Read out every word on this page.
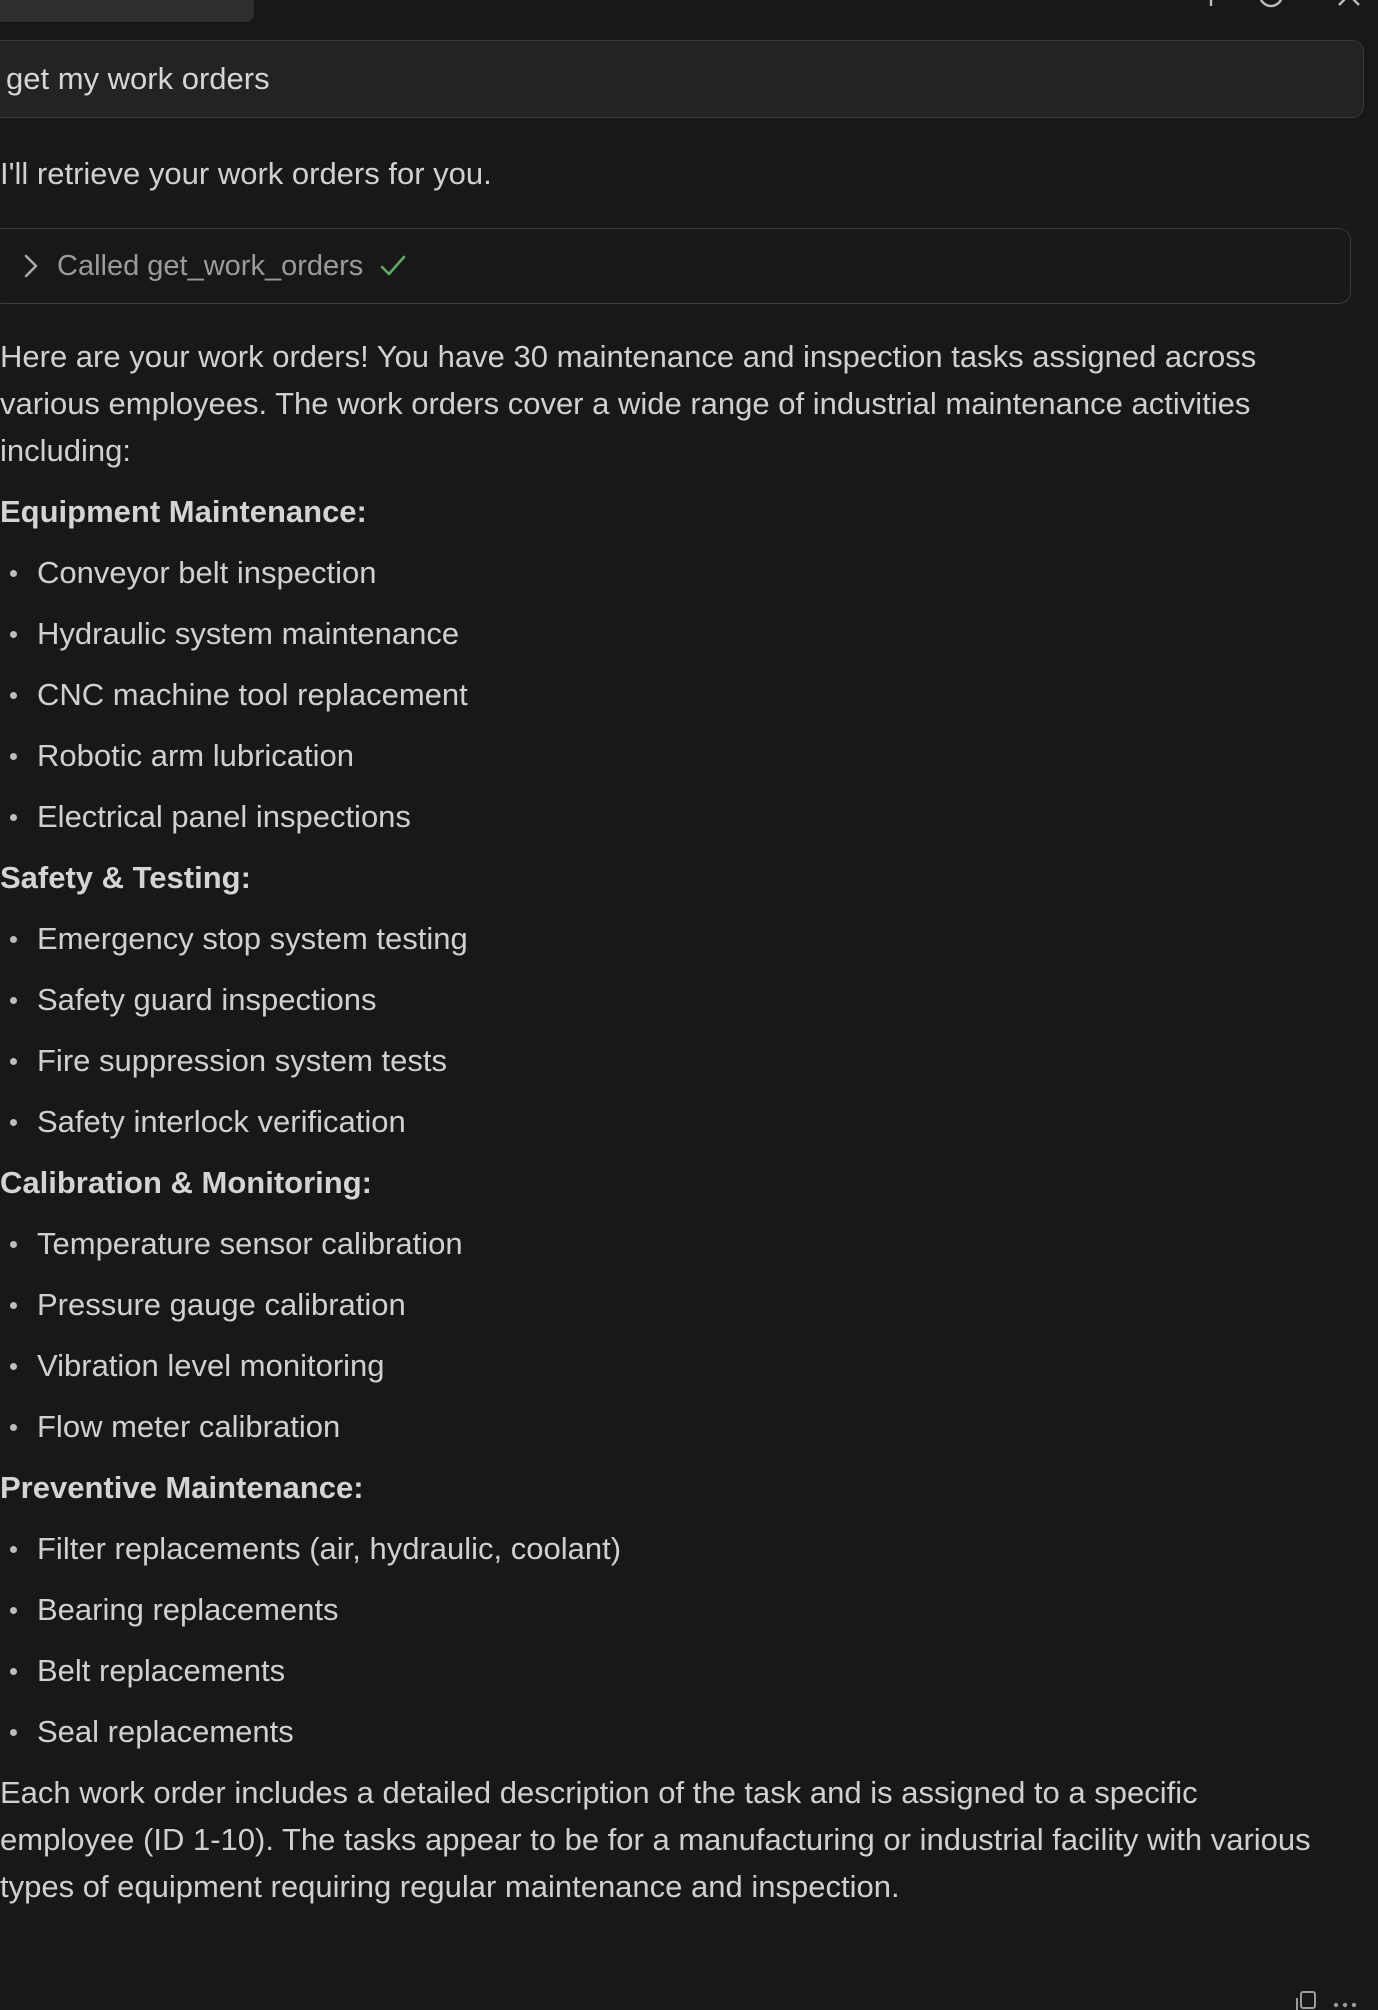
get my work orders
I'll retrieve your work orders for you.
Called get_work_orders

Here are your work orders! You have 30 maintenance and inspection tasks assigned across various employees. The work orders cover a wide range of industrial maintenance activities including:

Equipment Maintenance:
Conveyor belt inspection
Hydraulic system maintenance
CNC machine tool replacement
Robotic arm lubrication
Electrical panel inspections
Safety & Testing:
Emergency stop system testing
Safety guard inspections
Fire suppression system tests
Safety interlock verification
Calibration & Monitoring:
Temperature sensor calibration
Pressure gauge calibration
Vibration level monitoring
Flow meter calibration
Preventive Maintenance:
Filter replacements (air, hydraulic, coolant)
Bearing replacements
Belt replacements
Seal replacements

Each work order includes a detailed description of the task and is assigned to a specific employee (ID 1-10). The tasks appear to be for a manufacturing or industrial facility with various types of equipment requiring regular maintenance and inspection.
